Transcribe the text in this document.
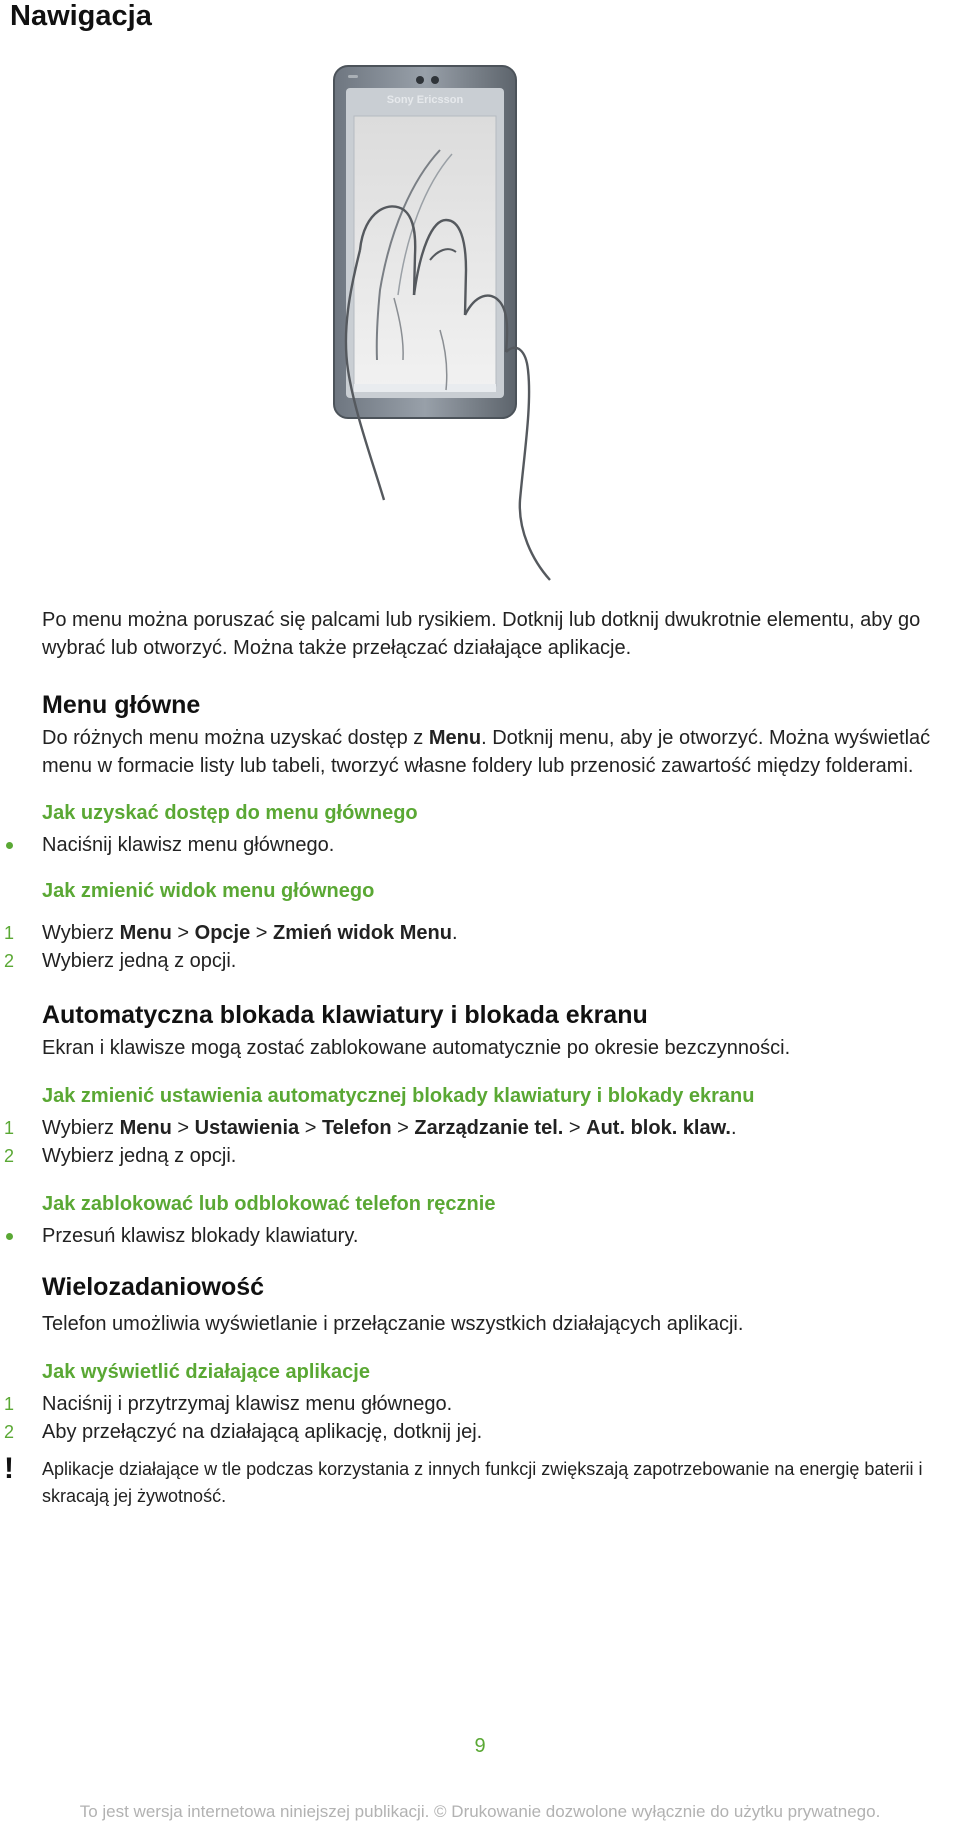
Nawigacja
Sony Ericsson

Po menu można poruszać się palcami lub rysikiem. Dotknij lub dotknij dwukrotnie elementu, aby go wybrać lub otworzyć. Można także przełączać działające aplikacje.

Menu główne

Do różnych menu można uzyskać dostęp z Menu. Dotknij menu, aby je otworzyć. Można wyświetlać menu w formacie listy lub tabeli, tworzyć własne foldery lub przenosić zawartość między folderami.

Jak uzyskać dostęp do menu głównego
Naciśnij klawisz menu głównego.
Jak zmienić widok menu głównego
1	Wybierz Menu > Opcje > Zmień widok Menu.
2	Wybierz jedną z opcji.
Automatyczna blokada klawiatury i blokada ekranu

Ekran i klawisze mogą zostać zablokowane automatycznie po okresie bezczynności.

Jak zmienić ustawienia automatycznej blokady klawiatury i blokady ekranu
1	Wybierz Menu > Ustawienia > Telefon > Zarządzanie tel. > Aut. blok. klaw..
2	Wybierz jedną z opcji.
Jak zablokować lub odblokować telefon ręcznie
Przesuń klawisz blokady klawiatury.
Wielozadaniowość

Telefon umożliwia wyświetlanie i przełączanie wszystkich działających aplikacji.

Jak wyświetlić działające aplikacje
1	Naciśnij i przytrzymaj klawisz menu głównego.
2	Aby przełączyć na działającą aplikację, dotknij jej.
! Aplikacje działające w tle podczas korzystania z innych funkcji zwiększają zapotrzebowanie na energię baterii i skracają jej żywotność.
9
To jest wersja internetowa niniejszej publikacji. © Drukowanie dozwolone wyłącznie do użytku prywatnego.
